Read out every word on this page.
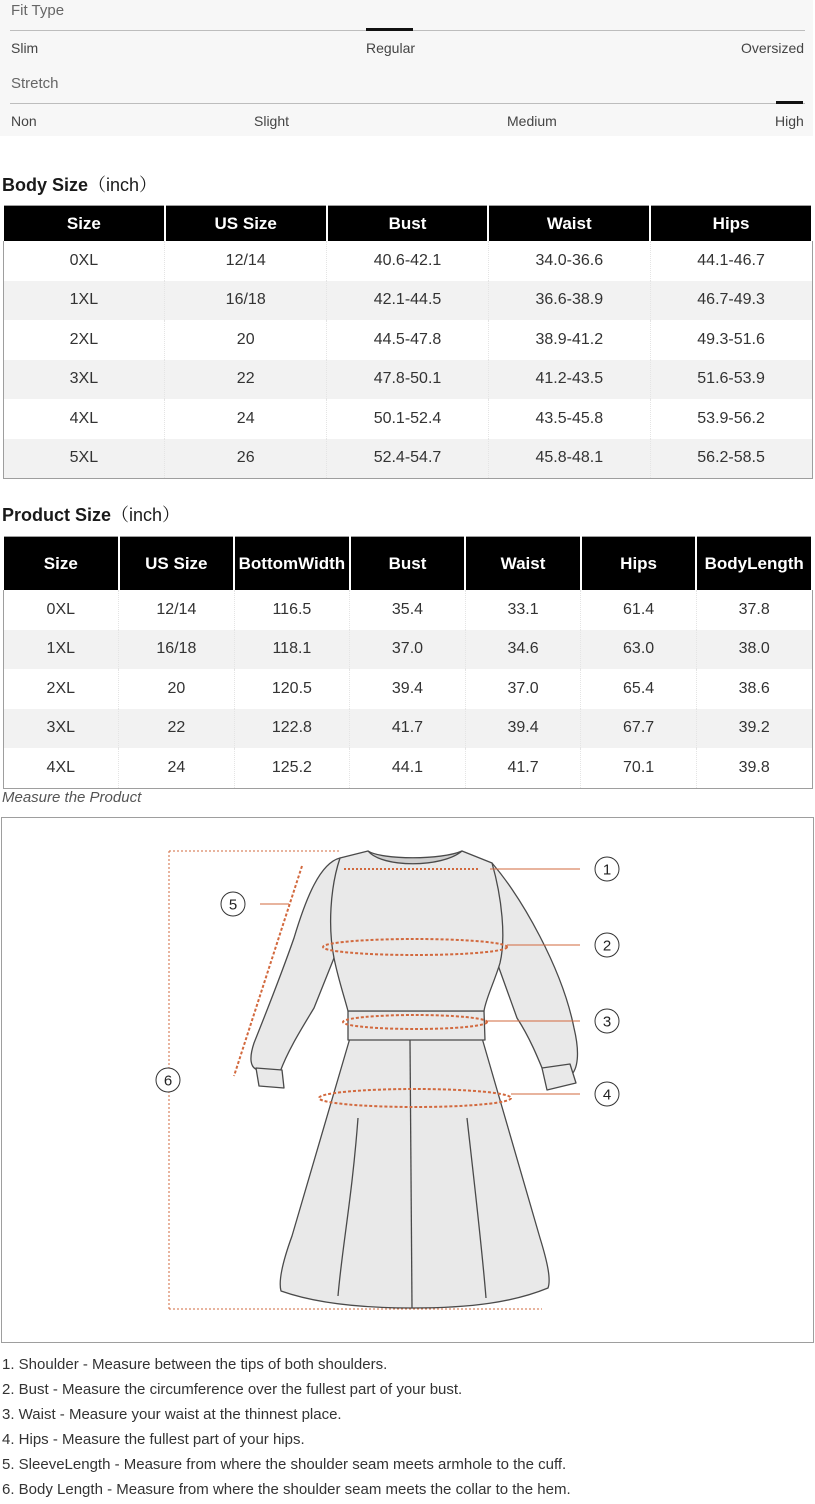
Fit Type
Slim	Regular	Oversized
Stretch
Non	Slight	Medium	High
Body Size（inch）
Size	US Size	Bust	Waist	Hips
0XL	12/14	40.6-42.1	34.0-36.6	44.1-46.7
1XL	16/18	42.1-44.5	36.6-38.9	46.7-49.3
2XL	20	44.5-47.8	38.9-41.2	49.3-51.6
3XL	22	47.8-50.1	41.2-43.5	51.6-53.9
4XL	24	50.1-52.4	43.5-45.8	53.9-56.2
5XL	26	52.4-54.7	45.8-48.1	56.2-58.5
Product Size（inch）
Size	US Size	BottomWidth	Bust	Waist	Hips	BodyLength
0XL	12/14	116.5	35.4	33.1	61.4	37.8
1XL	16/18	118.1	37.0	34.6	63.0	38.0
2XL	20	120.5	39.4	37.0	65.4	38.6
3XL	22	122.8	41.7	39.4	67.7	39.2
4XL	24	125.2	44.1	41.7	70.1	39.8
Measure the Product
1
2
3
4
5
6
1. Shoulder - Measure between the tips of both shoulders.
2. Bust - Measure the circumference over the fullest part of your bust.
3. Waist - Measure your waist at the thinnest place.
4. Hips - Measure the fullest part of your hips.
5. SleeveLength - Measure from where the shoulder seam meets armhole to the cuff.
6. Body Length - Measure from where the shoulder seam meets the collar to the hem.
